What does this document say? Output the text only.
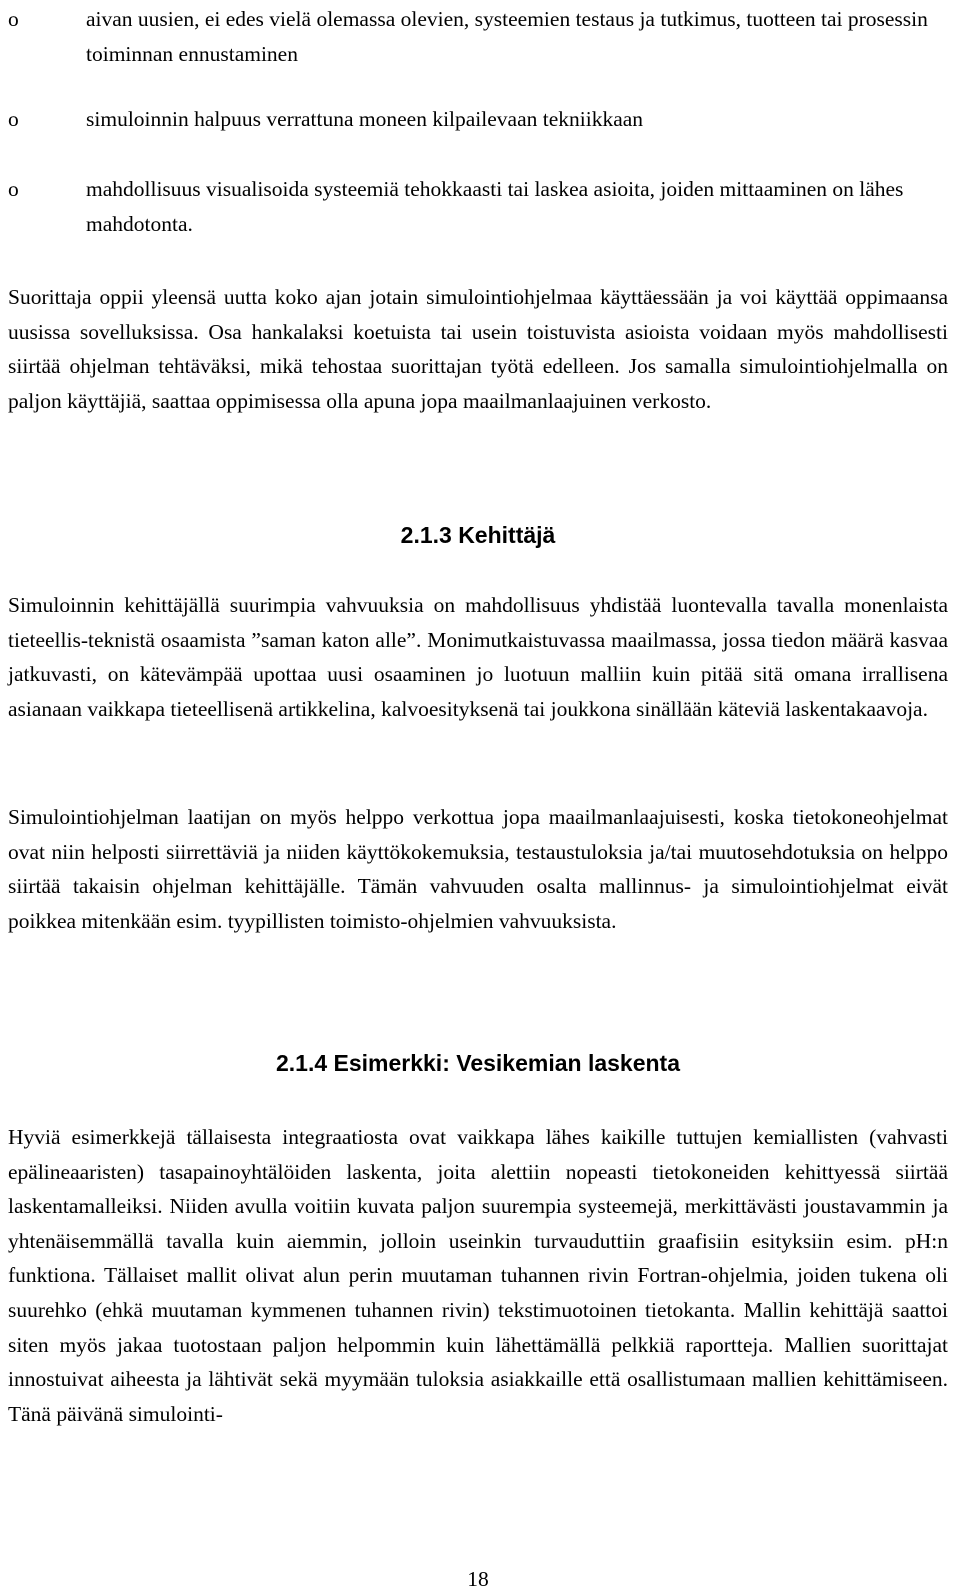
o	aivan uusien, ei edes vielä olemassa olevien, systeemien testaus ja tutkimus, tuotteen tai prosessin toiminnan ennustaminen
o	simuloinnin halpuus verrattuna moneen kilpailevaan tekniikkaan
o	mahdollisuus visualisoida systeemiä tehokkaasti tai laskea asioita, joiden mittaaminen on lähes mahdotonta.

Suorittaja oppii yleensä uutta koko ajan jotain simulointiohjelmaa käyttäessään ja voi käyttää oppimaansa uusissa sovelluksissa. Osa hankalaksi koetuista tai usein toistuvista asioista voidaan myös mahdollisesti siirtää ohjelman tehtäväksi, mikä tehostaa suorittajan työtä edelleen. Jos samalla simulointiohjelmalla on paljon käyttäjiä, saattaa oppimisessa olla apuna jopa maailmanlaajuinen verkosto.

2.1.3 Kehittäjä

Simuloinnin kehittäjällä suurimpia vahvuuksia on mahdollisuus yhdistää luontevalla tavalla monenlaista tieteellis-teknistä osaamista ”saman katon alle”. Monimutkaistuvassa maailmassa, jossa tiedon määrä kasvaa jatkuvasti, on kätevämpää upottaa uusi osaaminen jo luotuun malliin kuin pitää sitä omana irrallisena asianaan vaikkapa tieteellisenä artikkelina, kalvoesityksenä tai joukkona sinällään käteviä laskentakaavoja.

Simulointiohjelman laatijan on myös helppo verkottua jopa maailmanlaajuisesti, koska tietokoneohjelmat ovat niin helposti siirrettäviä ja niiden käyttökokemuksia, testaustuloksia ja/tai muutosehdotuksia on helppo siirtää takaisin ohjelman kehittäjälle. Tämän vahvuuden osalta mallinnus- ja simulointiohjelmat eivät poikkea mitenkään esim. tyypillisten toimisto-ohjelmien vahvuuksista.

2.1.4 Esimerkki: Vesikemian laskenta

Hyviä esimerkkejä tällaisesta integraatiosta ovat vaikkapa lähes kaikille tuttujen kemiallisten (vahvasti epälineaaristen) tasapainoyhtälöiden laskenta, joita alettiin nopeasti tietokoneiden kehittyessä siirtää laskentamalleiksi. Niiden avulla voitiin kuvata paljon suurempia systeemejä, merkittävästi joustavammin ja yhtenäisemmällä tavalla kuin aiemmin, jolloin useinkin turvauduttiin graafisiin esityksiin esim. pH:n funktiona. Tällaiset mallit olivat alun perin muutaman tuhannen rivin Fortran-ohjelmia, joiden tukena oli suurehko (ehkä muutaman kymmenen tuhannen rivin) tekstimuotoinen tietokanta. Mallin kehittäjä saattoi siten myös jakaa tuotostaan paljon helpommin kuin lähettämällä pelkkiä raportteja. Mallien suorittajat innostuivat aiheesta ja lähtivät sekä myymään tuloksia asiakkaille että osallistumaan mallien kehittämiseen. Tänä päivänä simulointi-

18
